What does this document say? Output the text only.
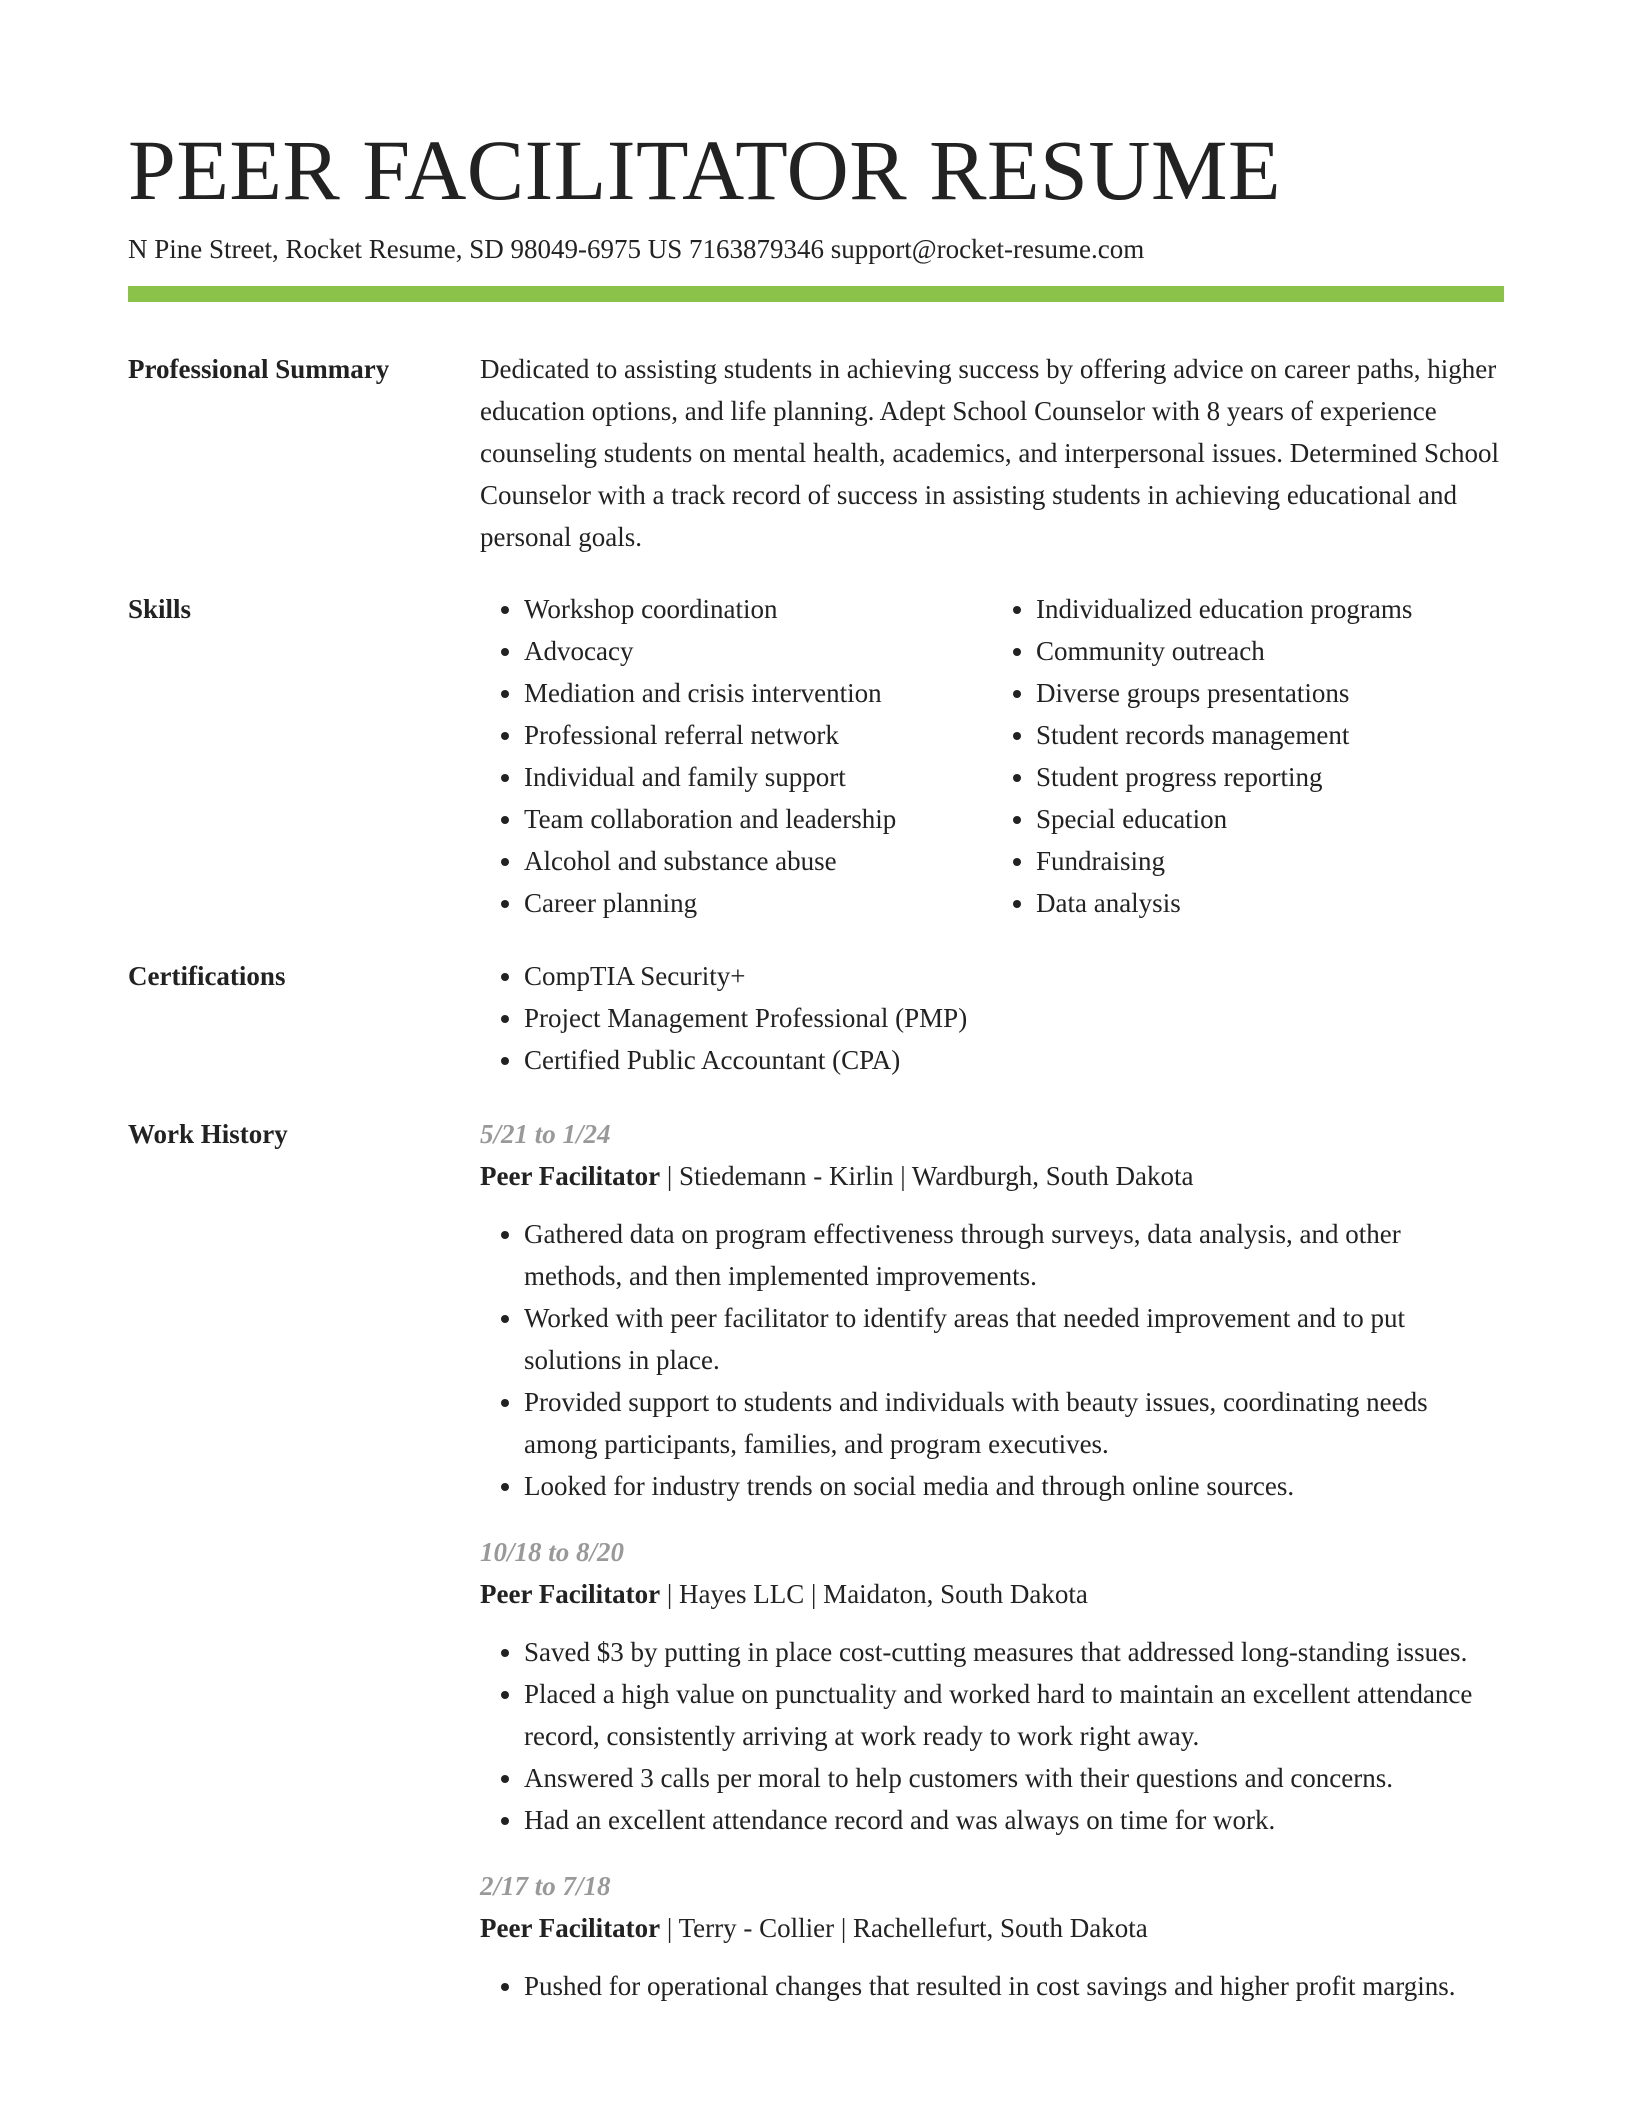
PEER FACILITATOR RESUME
N Pine Street, Rocket Resume, SD 98049-6975 US 7163879346 support@rocket-resume.com
Professional Summary	Dedicated to assisting students in achieving success by offering advice on career paths, higher education options, and life planning. Adept School Counselor with 8 years of experience counseling students on mental health, academics, and interpersonal issues. Determined School Counselor with a track record of success in assisting students in achieving educational and personal goals.

Skills	• Workshop coordination
• Advocacy
• Mediation and crisis intervention
• Professional referral network
• Individual and family support
• Team collaboration and leadership
• Alcohol and substance abuse
• Career planning
• Individualized education programs
• Community outreach
• Diverse groups presentations
• Student records management
• Student progress reporting
• Special education
• Fundraising
• Data analysis
Certifications	• CompTIA Security+
• Project Management Professional (PMP)
• Certified Public Accountant (CPA)
Work History	5/21 to 1/24
Peer Facilitator | Stiedemann - Kirlin | Wardburgh, South Dakota
• Gathered data on program effectiveness through surveys, data analysis, and other methods, and then implemented improvements.
• Worked with peer facilitator to identify areas that needed improvement and to put solutions in place.
• Provided support to students and individuals with beauty issues, coordinating needs among participants, families, and program executives.
• Looked for industry trends on social media and through online sources.
10/18 to 8/20
Peer Facilitator | Hayes LLC | Maidaton, South Dakota
• Saved $3 by putting in place cost-cutting measures that addressed long-standing issues.
• Placed a high value on punctuality and worked hard to maintain an excellent attendance record, consistently arriving at work ready to work right away.
• Answered 3 calls per moral to help customers with their questions and concerns.
• Had an excellent attendance record and was always on time for work.
2/17 to 7/18
Peer Facilitator | Terry - Collier | Rachellefurt, South Dakota
• Pushed for operational changes that resulted in cost savings and higher profit margins.
